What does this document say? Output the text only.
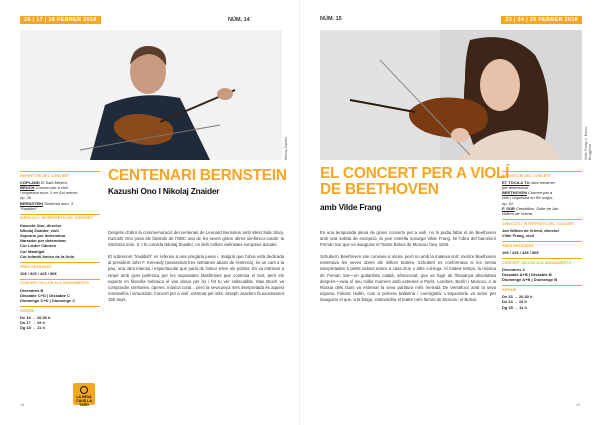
16 | 17 | 18 FEBRER 2018	NÚM. 14
Nikolaj Znaider
REPERTORI DEL CONCERT
COPLAND El Saló Mèxico
BRUCH Concert per a violí
i orquestra núm. 1 en Sol menor,
op. 26
BERNSTEIN Simfonia núm. 3
"Kaddish"
DIRECCIÓ I INTÈRPRETS DEL CONCERT
Kazushi Ono, director
Nikolaj Znaider, violí
Soprano per determinar
Narrador per determinar
Cor Lieder Càmera
Cor Madrigal
Cor Infantil Amics de la Unió
PREU ENTRADES
10€ / 32€ / 42€ / 56€
CONCERT INCLÒS ALS ABONAMENTS
Divendres B
Dissabte C+D | Dissabte C
Diumenge C+D | Diumenge C
HORARI
Dv 16 → 20.30 h
Ds 17 → 19 h
Dg 18 → 11 h
LA NEVA CAUS LA TARD
CENTENARI BERNSTEIN
Kazushi Ono I Nikolaj Znaider

Després d'obrir la commemoració del centenari de Leonard Bernstein amb West Side Story, Kazushi Ono posa als faristols de l'OBC una de les seves grans obres simfònico-corals: la Simfonia núm. 3. I hi convida Nikolaj Znaider, un dels millors violinistes europeus actuals.

El sobrenom "Kaddish" es refereix a una pregària jueva i, malgrat que l'obra està dedicada al president John F. Kennedy (assassinat tres setmanes abans de l'estrena), és un cant a la pau, una obra intensa i espectacular que parla de l'amor entre els pobles. És va estrenar a Israel amb gran polèmica per les suposades blasfèmies que contenia el text, però els experts en filosofia hebraica el van donar per bo i fet tu ver indiscutible. Max Bruch va compondre simfonies, òperes, música coral... però la seva peça més interpretada és aquest meravellós i virtuosístic Concert per a violí, estrenat pel mític Joseph Joachim fa exactament 150 anys.

18
NÚM. 15	23 | 24 | 25 FEBRER 2018
Vilde Frang © Marco Borggreve
EL CONCERT PER A VIOLÍ
DE BEETHOVEN
amb Vilde Frang

En una temporada plena de grans concerts per a violí, no hi podia faltar el de Beethoven amb una solista de excepció, la jove estrella noruega Vilde Frang. Ni l'obra del barceloní Fernan Sor que va inaugurar el Teatre Bolxoi de Moscou l'any 1825.

Schubert i Beethoven van conviure a Viena, però no amb la mateixa sort: mentre Beethoven estrenava les seves obres als millors teatres, Schubert es conformava si les sentia interpretades a petits salons amics a casa d'un o altre col·lega. Al mateix temps, la música de Fernan Sor—un guitarrista català, afrancesat, que va fugir de l'Espanya absolutista després—vivia el seu millor moment amb estrenes a París, Londres, Berlín i Moscou. A la Rússia dels tsars va estrenar la seva partitura més reeixida De Ventafocs amb la seva esposa, Felicité Hullin, com a primera ballarina i coreògrafa. L'espectacle va servir per inaugurar el que, a la llarga, esdevindria el teatre més famós de Moscou: el Bolxoi.

REPERTORI DEL CONCERT
ET TOCA A TU obra encàrrec
per determinar
BEETHOVEN Concert per a
violí i orquestra en Re major,
op. 61
F. SOR Cendrillon. Suite de Jan
Willem de Vriend
DIRECCIÓ I INTÈRPRETS DEL CONCERT
Jan Willem de Vriend, director
Vilde Frang, violí
PREU ENTRADES
10€ / 32€ / 42€ / 56€
CONCERT INCLÒS ALS ABONAMENTS
Divendres C
Dissabte A+B | Dissabte B
Diumenge A+B | Diumenge B
HORARI
Dv 23 → 20.30 h
Ds 24 → 19 h
Dg 25 → 11 h
19
